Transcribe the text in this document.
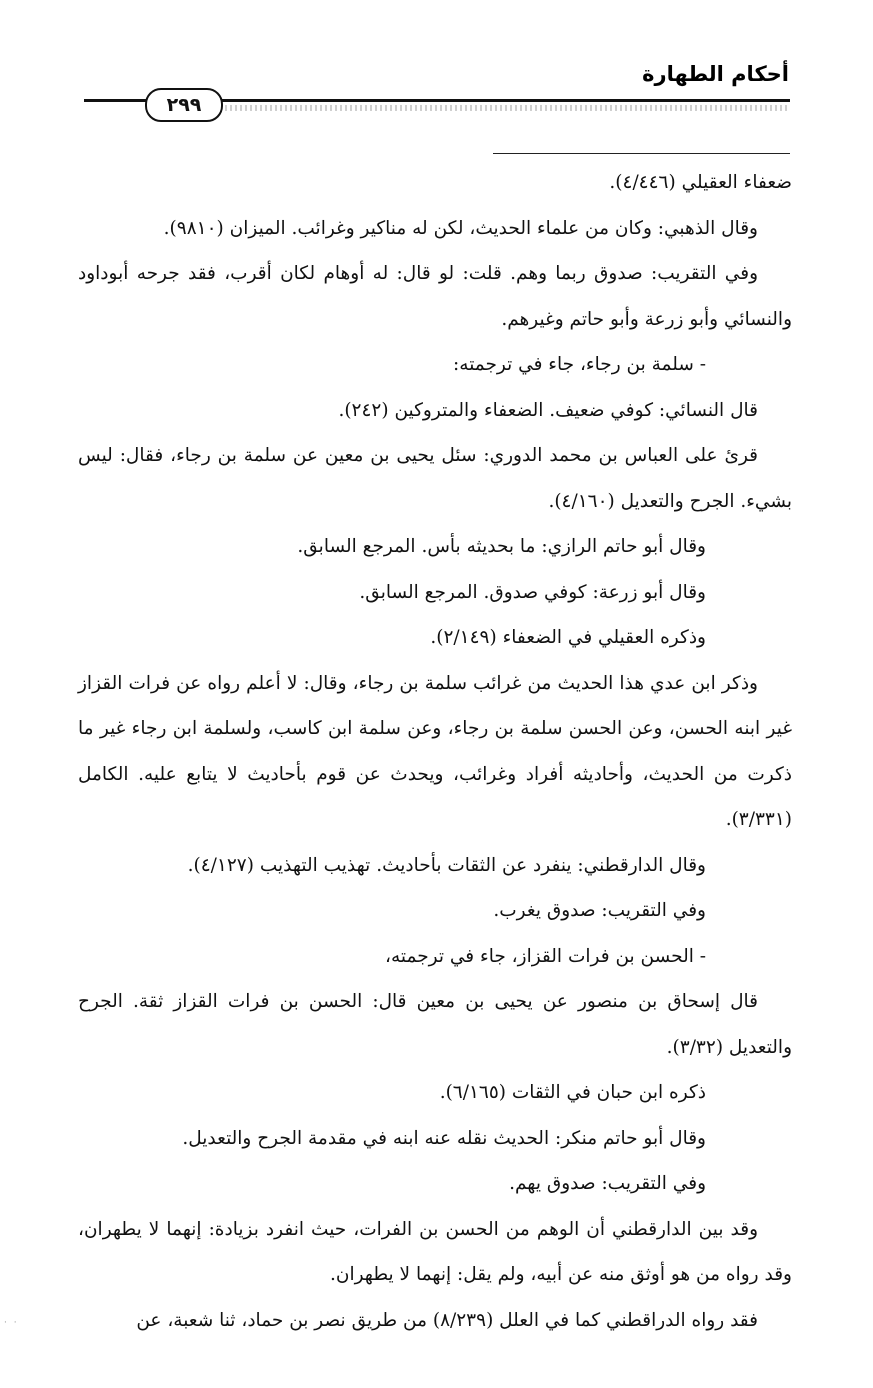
أحكام الطهارة
٢٩٩

ضعفاء العقيلي (٤/٤٤٦).

وقال الذهبي: وكان من علماء الحديث، لكن له مناكير وغرائب. الميزان (٩٨١٠).

وفي التقريب: صدوق ربما وهم. قلت: لو قال: له أوهام لكان أقرب، فقد جرحه أبوداود والنسائي وأبو زرعة وأبو حاتم وغيرهم.

- سلمة بن رجاء، جاء في ترجمته:

قال النسائي: كوفي ضعيف. الضعفاء والمتروكين (٢٤٢).

قرئ على العباس بن محمد الدوري: سئل يحيى بن معين عن سلمة بن رجاء، فقال: ليس بشيء. الجرح والتعديل (٤/١٦٠).

وقال أبو حاتم الرازي: ما بحديثه بأس. المرجع السابق.

وقال أبو زرعة: كوفي صدوق. المرجع السابق.

وذكره العقيلي في الضعفاء (٢/١٤٩).

وذكر ابن عدي هذا الحديث من غرائب سلمة بن رجاء، وقال: لا أعلم رواه عن فرات القزاز غير ابنه الحسن، وعن الحسن سلمة بن رجاء، وعن سلمة ابن كاسب، ولسلمة ابن رجاء غير ما ذكرت من الحديث، وأحاديثه أفراد وغرائب، ويحدث عن قوم بأحاديث لا يتابع عليه. الكامل (٣/٣٣١).

وقال الدارقطني: ينفرد عن الثقات بأحاديث. تهذيب التهذيب (٤/١٢٧).

وفي التقريب: صدوق يغرب.

- الحسن بن فرات القزاز، جاء في ترجمته،

قال إسحاق بن منصور عن يحيى بن معين قال: الحسن بن فرات القزاز ثقة. الجرح والتعديل (٣/٣٢).

ذكره ابن حبان في الثقات (٦/١٦٥).

وقال أبو حاتم منكر: الحديث نقله عنه ابنه في مقدمة الجرح والتعديل.

وفي التقريب: صدوق يهم.

وقد بين الدارقطني أن الوهم من الحسن بن الفرات، حيث انفرد بزيادة: إنهما لا يطهران، وقد رواه من هو أوثق منه عن أبيه، ولم يقل: إنهما لا يطهران.

فقد رواه الدراقطني كما في العلل (٨/٢٣٩) من طريق نصر بن حماد، ثنا شعبة، عن

· ·
